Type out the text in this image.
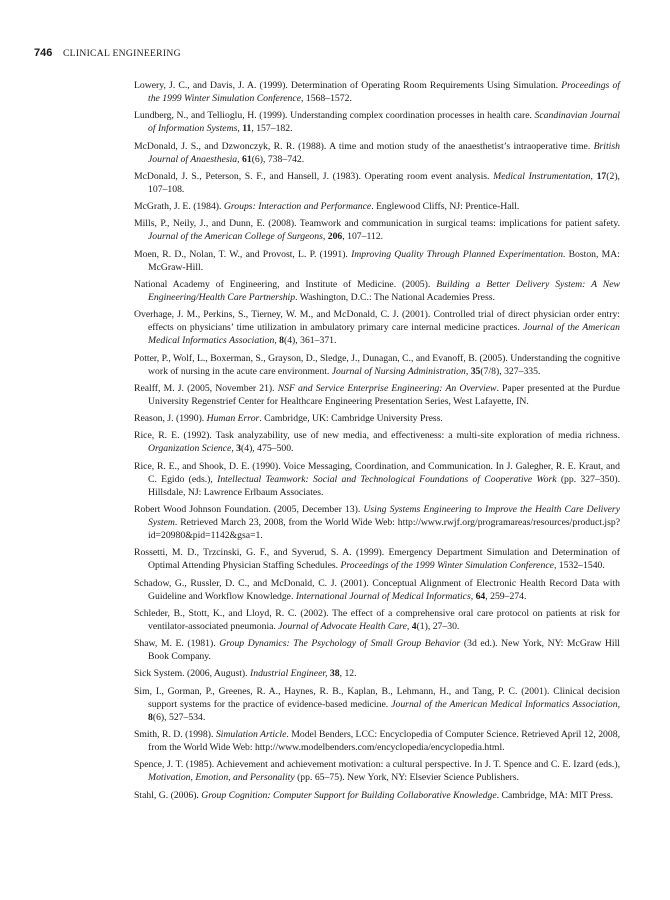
746 CLINICAL ENGINEERING

Lowery, J. C., and Davis, J. A. (1999). Determination of Operating Room Requirements Using Simulation. Proceedings of the 1999 Winter Simulation Conference, 1568–1572.

Lundberg, N., and Tellioglu, H. (1999). Understanding complex coordination processes in health care. Scandinavian Journal of Information Systems, 11, 157–182.

McDonald, J. S., and Dzwonczyk, R. R. (1988). A time and motion study of the anaesthetist’s intraoperative time. British Journal of Anaesthesia, 61(6), 738–742.

McDonald, J. S., Peterson, S. F., and Hansell, J. (1983). Operating room event analysis. Medical Instrumentation, 17(2), 107–108.

McGrath, J. E. (1984). Groups: Interaction and Performance. Englewood Cliffs, NJ: Prentice-Hall.

Mills, P., Neily, J., and Dunn, E. (2008). Teamwork and communication in surgical teams: implications for patient safety. Journal of the American College of Surgeons, 206, 107–112.

Moen, R. D., Nolan, T. W., and Provost, L. P. (1991). Improving Quality Through Planned Experimentation. Boston, MA: McGraw-Hill.

National Academy of Engineering, and Institute of Medicine. (2005). Building a Better Delivery System: A New Engineering/Health Care Partnership. Washington, D.C.: The National Academies Press.

Overhage, J. M., Perkins, S., Tierney, W. M., and McDonald, C. J. (2001). Controlled trial of direct physician order entry: effects on physicians’ time utilization in ambulatory primary care internal medicine practices. Journal of the American Medical Informatics Association, 8(4), 361–371.

Potter, P., Wolf, L., Boxerman, S., Grayson, D., Sledge, J., Dunagan, C., and Evanoff, B. (2005). Understanding the cognitive work of nursing in the acute care environment. Journal of Nursing Administration, 35(7/8), 327–335.

Realff, M. J. (2005, November 21). NSF and Service Enterprise Engineering: An Overview. Paper presented at the Purdue University Regenstrief Center for Healthcare Engineering Presentation Series, West Lafayette, IN.

Reason, J. (1990). Human Error. Cambridge, UK: Cambridge University Press.

Rice, R. E. (1992). Task analyzability, use of new media, and effectiveness: a multi-site exploration of media richness. Organization Science, 3(4), 475–500.

Rice, R. E., and Shook, D. E. (1990). Voice Messaging, Coordination, and Communication. In J. Galegher, R. E. Kraut, and C. Egido (eds.), Intellectual Teamwork: Social and Technological Foundations of Cooperative Work (pp. 327–350). Hillsdale, NJ: Lawrence Erlbaum Associates.

Robert Wood Johnson Foundation. (2005, December 13). Using Systems Engineering to Improve the Health Care Delivery System. Retrieved March 23, 2008, from the World Wide Web: http://www.rwjf.org/programareas/resources/product.jsp?id=20980&pid=1142&gsa=1.

Rossetti, M. D., Trzcinski, G. F., and Syverud, S. A. (1999). Emergency Department Simulation and Determination of Optimal Attending Physician Staffing Schedules. Proceedings of the 1999 Winter Simulation Conference, 1532–1540.

Schadow, G., Russler, D. C., and McDonald, C. J. (2001). Conceptual Alignment of Electronic Health Record Data with Guideline and Workflow Knowledge. International Journal of Medical Informatics, 64, 259–274.

Schleder, B., Stott, K., and Lloyd, R. C. (2002). The effect of a comprehensive oral care protocol on patients at risk for ventilator-associated pneumonia. Journal of Advocate Health Care, 4(1), 27–30.

Shaw, M. E. (1981). Group Dynamics: The Psychology of Small Group Behavior (3d ed.). New York, NY: McGraw Hill Book Company.

Sick System. (2006, August). Industrial Engineer, 38, 12.

Sim, I., Gorman, P., Greenes, R. A., Haynes, R. B., Kaplan, B., Lehmann, H., and Tang, P. C. (2001). Clinical decision support systems for the practice of evidence-based medicine. Journal of the American Medical Informatics Association, 8(6), 527–534.

Smith, R. D. (1998). Simulation Article. Model Benders, LCC: Encyclopedia of Computer Science. Retrieved April 12, 2008, from the World Wide Web: http://www.modelbenders.com/encyclopedia/encyclopedia.html.

Spence, J. T. (1985). Achievement and achievement motivation: a cultural perspective. In J. T. Spence and C. E. Izard (eds.), Motivation, Emotion, and Personality (pp. 65–75). New York, NY: Elsevier Science Publishers.

Stahl, G. (2006). Group Cognition: Computer Support for Building Collaborative Knowledge. Cambridge, MA: MIT Press.
